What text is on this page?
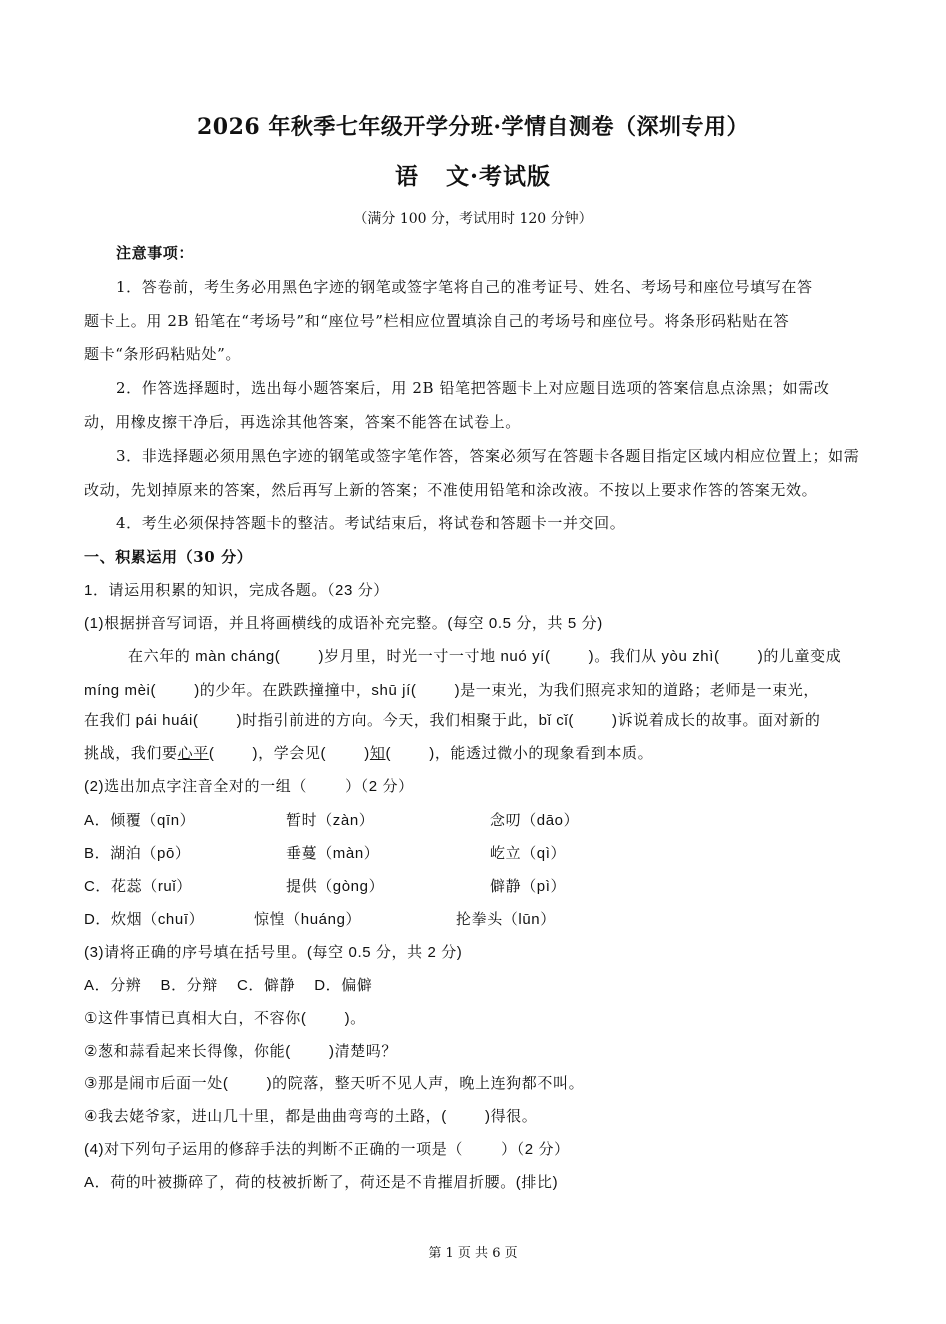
2026 年秋季七年级开学分班·学情自测卷（深圳专用）
语   文·考试版
（满分 100 分，考试用时 120 分钟）
注意事项：
1．答卷前，考生务必用黑色字迹的钢笔或签字笔将自己的准考证号、姓名、考场号和座位号填写在答
题卡上。用 2B 铅笔在“考场号”和“座位号”栏相应位置填涂自己的考场号和座位号。将条形码粘贴在答
题卡“条形码粘贴处”。
2．作答选择题时，选出每小题答案后，用 2B 铅笔把答题卡上对应题目选项的答案信息点涂黑；如需改
动，用橡皮擦干净后，再选涂其他答案，答案不能答在试卷上。
3．非选择题必须用黑色字迹的钢笔或签字笔作答，答案必须写在答题卡各题目指定区域内相应位置上；如需
改动，先划掉原来的答案，然后再写上新的答案；不准使用铅笔和涂改液。不按以上要求作答的答案无效。
4．考生必须保持答题卡的整洁。考试结束后，将试卷和答题卡一并交回。
一、积累运用（30 分）
1．请运用积累的知识，完成各题。（23 分）
(1)根据拼音写词语，并且将画横线的成语补充完整。(每空 0.5 分，共 5 分)
在六年的 màn cháng(        )岁月里，时光一寸一寸地 nuó yí(        )。我们从 yòu zhì(        )的儿童变成
míng mèi(        )的少年。在跌跌撞撞中，shū jí(        )是一束光，为我们照亮求知的道路；老师是一束光，
在我们 pái huái(        )时指引前进的方向。今天，我们相聚于此，bǐ cǐ(        )诉说着成长的故事。面对新的
挑战，我们要心平(        )，学会见(        )知(        )，能透过微小的现象看到本质。
(2)选出加点字注音全对的一组（        ）（2 分）
A．倾覆（qīn）	暂时（zàn）	念叨（dāo）
B．湖泊（pō）	垂蔓（màn）	屹立（qì）
C．花蕊（ruǐ）	提供（gòng）	僻静（pì）
D．炊烟（chuī）	惊惶（huáng）	抡拳头（lūn）
(3)请将正确的序号填在括号里。(每空 0.5 分，共 2 分)
A．分辨    B．分辩    C．僻静    D．偏僻
①这件事情已真相大白，不容你(        )。
②葱和蒜看起来长得像，你能(        )清楚吗？
③那是闹市后面一处(        )的院落，整天听不见人声，晚上连狗都不叫。
④我去姥爷家，进山几十里，都是曲曲弯弯的土路，(        )得很。
(4)对下列句子运用的修辞手法的判断不正确的一项是（        ）（2 分）
A．荷的叶被撕碎了，荷的枝被折断了，荷还是不肯摧眉折腰。(排比)
第 1 页 共 6 页
